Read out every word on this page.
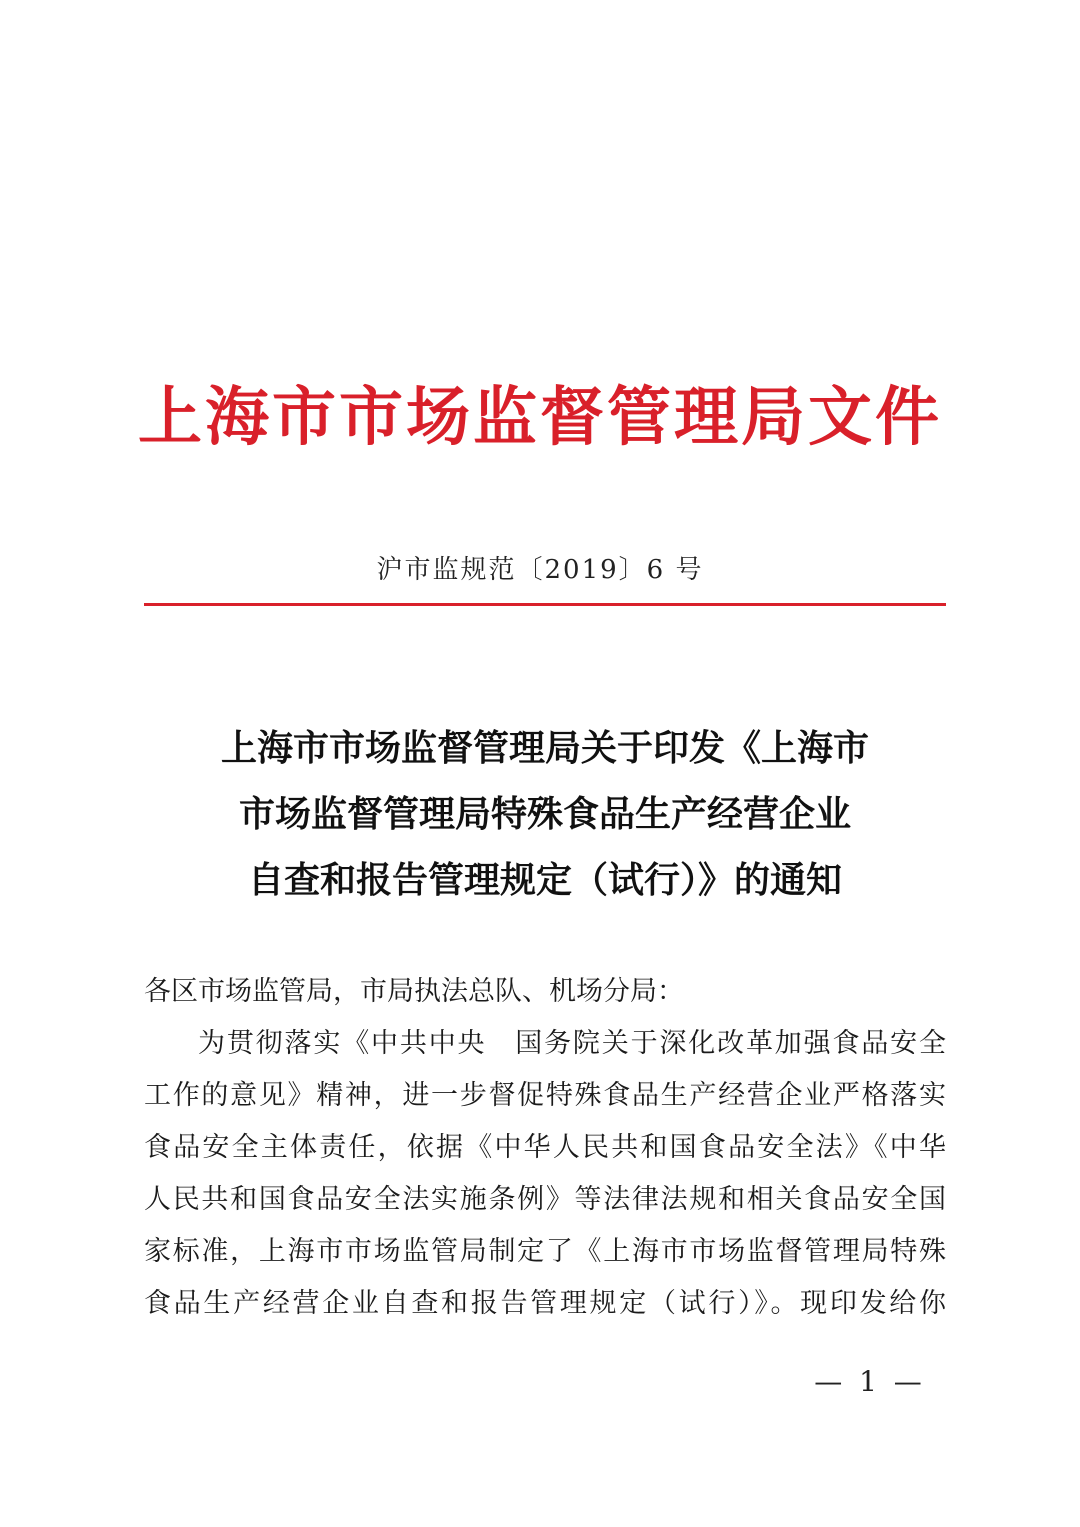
上海市市场监督管理局文件
沪市监规范〔2019〕6 号
上海市市场监督管理局关于印发《上海市
市场监督管理局特殊食品生产经营企业
自查和报告管理规定（试行）》的通知
各区市场监管局，市局执法总队、机场分局：
为贯彻落实《中共中央　国务院关于深化改革加强食品安全
工作的意见》精神，进一步督促特殊食品生产经营企业严格落实
食品安全主体责任，依据《中华人民共和国食品安全法》《中华
人民共和国食品安全法实施条例》等法律法规和相关食品安全国
家标准，上海市市场监管局制定了《上海市市场监督管理局特殊
食品生产经营企业自查和报告管理规定（试行）》。现印发给你
— 1 —
